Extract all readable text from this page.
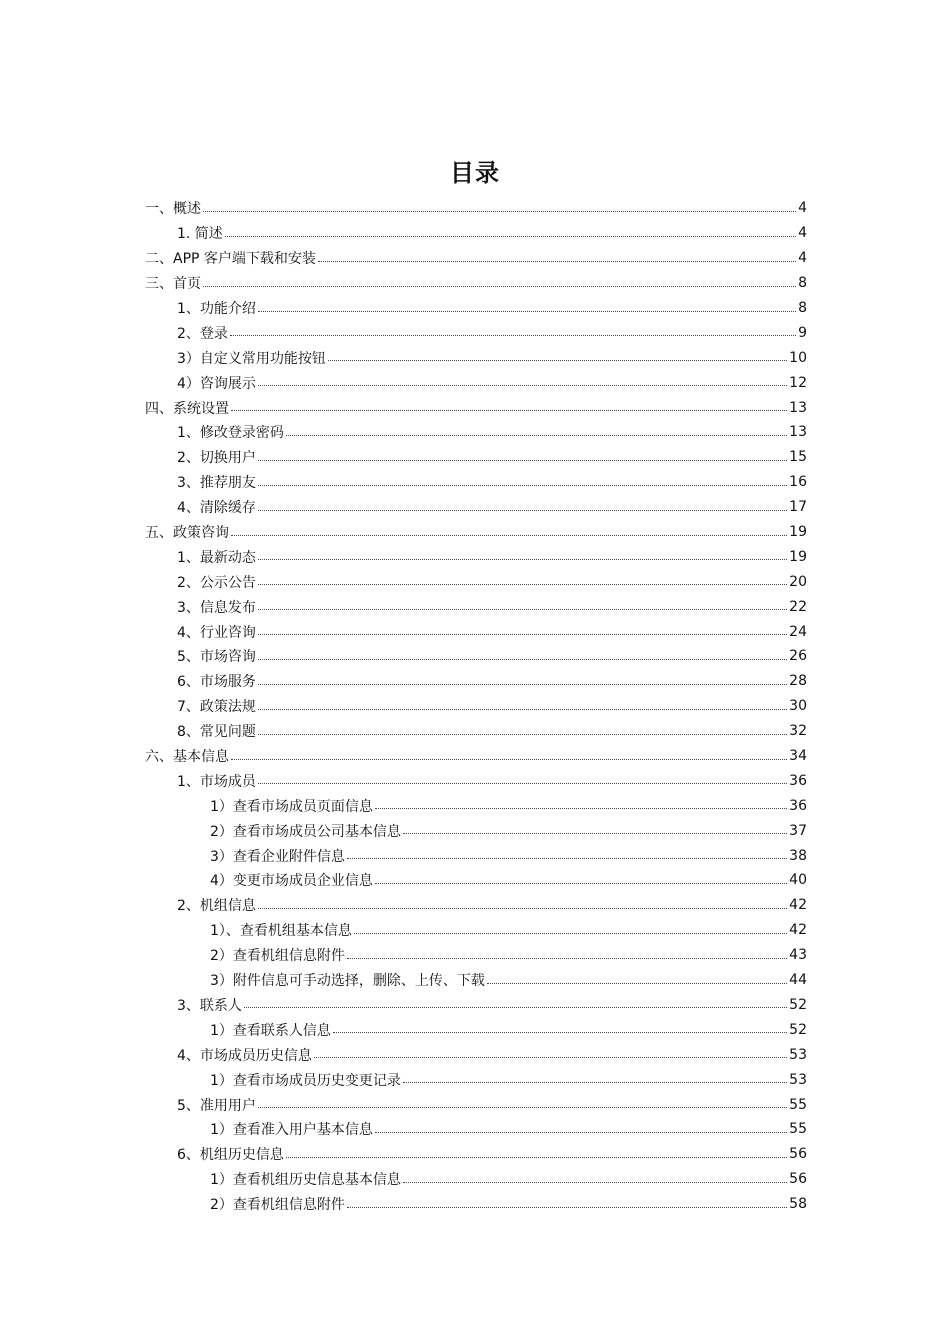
目录
一、概述	4
1. 简述	4
二、APP 客户端下载和安装	4
三、首页	8
1、功能介绍	8
2、登录	9
3）自定义常用功能按钮	10
4）咨询展示	12
四、系统设置	13
1、修改登录密码	13
2、切换用户	15
3、推荐朋友	16
4、清除缓存	17
五、政策咨询	19
1、最新动态	19
2、公示公告	20
3、信息发布	22
4、行业咨询	24
5、市场咨询	26
6、市场服务	28
7、政策法规	30
8、常见问题	32
六、基本信息	34
1、市场成员	36
1）查看市场成员页面信息	36
2）查看市场成员公司基本信息	37
3）查看企业附件信息	38
4）变更市场成员企业信息	40
2、机组信息	42
1）、查看机组基本信息	42
2）查看机组信息附件	43
3）附件信息可手动选择，删除、上传、下载	44
3、联系人	52
1）查看联系人信息	52
4、市场成员历史信息	53
1）查看市场成员历史变更记录	53
5、准用用户	55
1）查看准入用户基本信息	55
6、机组历史信息	56
1）查看机组历史信息基本信息	56
2）查看机组信息附件	58
